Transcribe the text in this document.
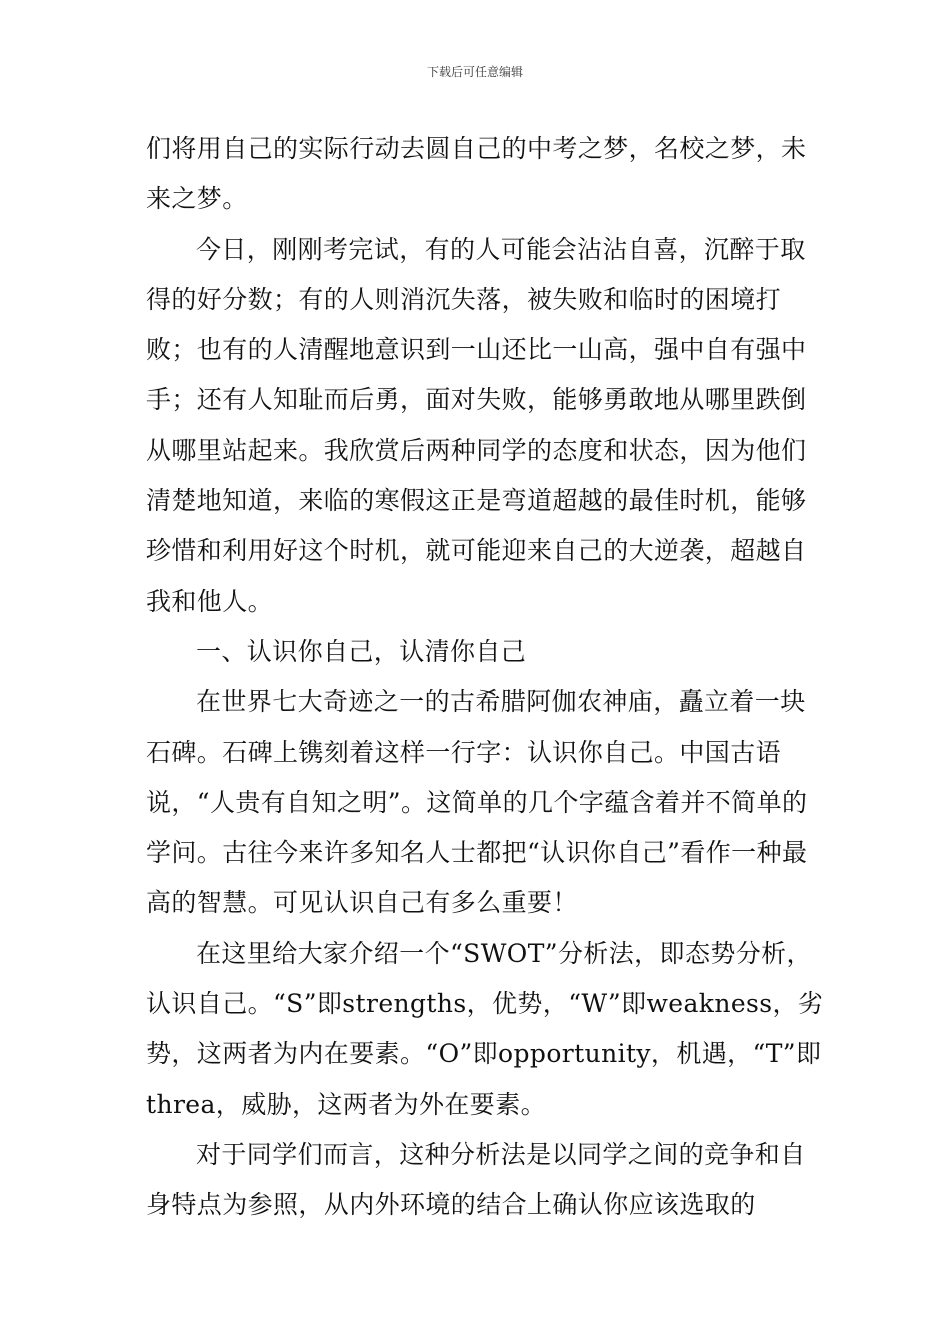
下载后可任意编辑

们将用自己的实际行动去圆自己的中考之梦，名校之梦，未来之梦。

今日，刚刚考完试，有的人可能会沾沾自喜，沉醉于取得的好分数；有的人则消沉失落，被失败和临时的困境打败；也有的人清醒地意识到一山还比一山高，强中自有强中手；还有人知耻而后勇，面对失败，能够勇敢地从哪里跌倒从哪里站起来。我欣赏后两种同学的态度和状态，因为他们清楚地知道，来临的寒假这正是弯道超越的最佳时机，能够珍惜和利用好这个时机，就可能迎来自己的大逆袭，超越自我和他人。

一、认识你自己，认清你自己

在世界七大奇迹之一的古希腊阿伽农神庙，矗立着一块石碑。石碑上镌刻着这样一行字：认识你自己。中国古语说，“人贵有自知之明”。这简单的几个字蕴含着并不简单的学问。古往今来许多知名人士都把“认识你自己”看作一种最高的智慧。可见认识自己有多么重要！

在这里给大家介绍一个“SWOT”分析法，即态势分析，认识自己。“S”即strengths，优势，“W”即weakness，劣势，这两者为内在要素。“O”即opportunity，机遇，“T”即threa，威胁，这两者为外在要素。

对于同学们而言，这种分析法是以同学之间的竞争和自身特点为参照，从内外环境的结合上确认你应该选取的
